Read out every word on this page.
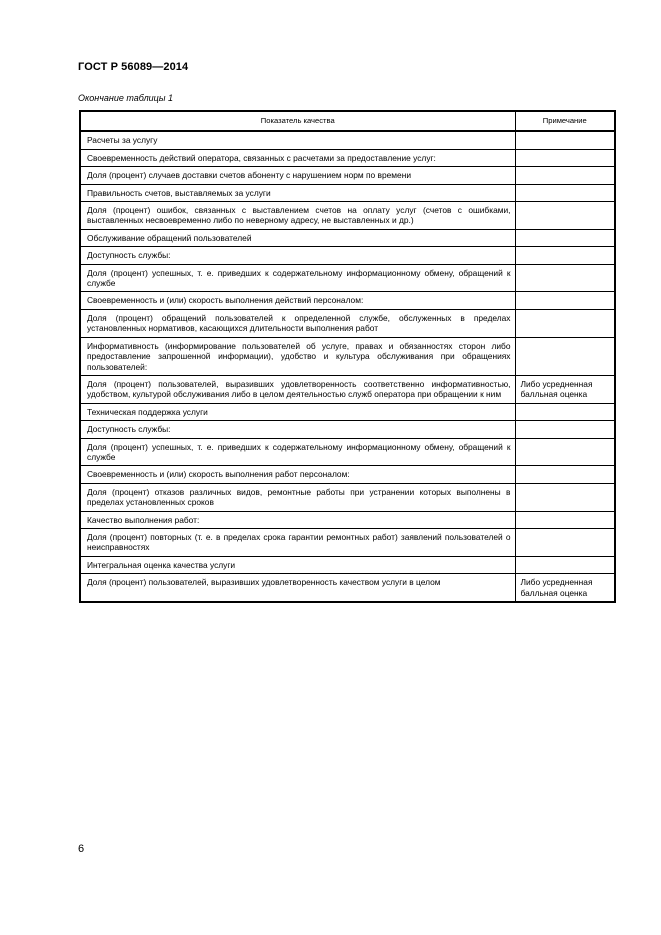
ГОСТ Р 56089—2014
Окончание таблицы 1
Показатель качества	Примечание
Расчеты за услугу	
Своевременность действий оператора, связанных с расчетами за предоставление услуг:	
Доля (процент) случаев доставки счетов абоненту с нарушением норм по времени	
Правильность счетов, выставляемых за услуги	
Доля (процент) ошибок, связанных с выставлением счетов на оплату услуг (счетов с ошибками, выставленных несвоевременно либо по неверному адресу, не выставленных и др.)	
Обслуживание обращений пользователей	
Доступность службы:	
Доля (процент) успешных, т. е. приведших к содержательному информационному обмену, обращений к службе	
Своевременность и (или) скорость выполнения действий персоналом:	
Доля (процент) обращений пользователей к определенной службе, обслуженных в пределах установленных нормативов, касающихся длительности выполнения работ	
Информативность (информирование пользователей об услуге, правах и обязанностях сторон либо предоставление запрошенной информации), удобство и культура обслуживания при обращениях пользователей:	
Доля (процент) пользователей, выразивших удовлетворенность соответственно информативностью, удобством, культурой обслуживания либо в целом деятельностью служб оператора при обращении к ним	Либо усредненная балльная оценка
Техническая поддержка услуги	
Доступность службы:	
Доля (процент) успешных, т. е. приведших к содержательному информационному обмену, обращений к службе	
Своевременность и (или) скорость выполнения работ персоналом:	
Доля (процент) отказов различных видов, ремонтные работы при устранении которых выполнены в пределах установленных сроков	
Качество выполнения работ:	
Доля (процент) повторных (т. е. в пределах срока гарантии ремонтных работ) заявлений пользователей о неисправностях	
Интегральная оценка качества услуги	
Доля (процент) пользователей, выразивших удовлетворенность качеством услуги в целом	Либо усредненная балльная оценка
6
